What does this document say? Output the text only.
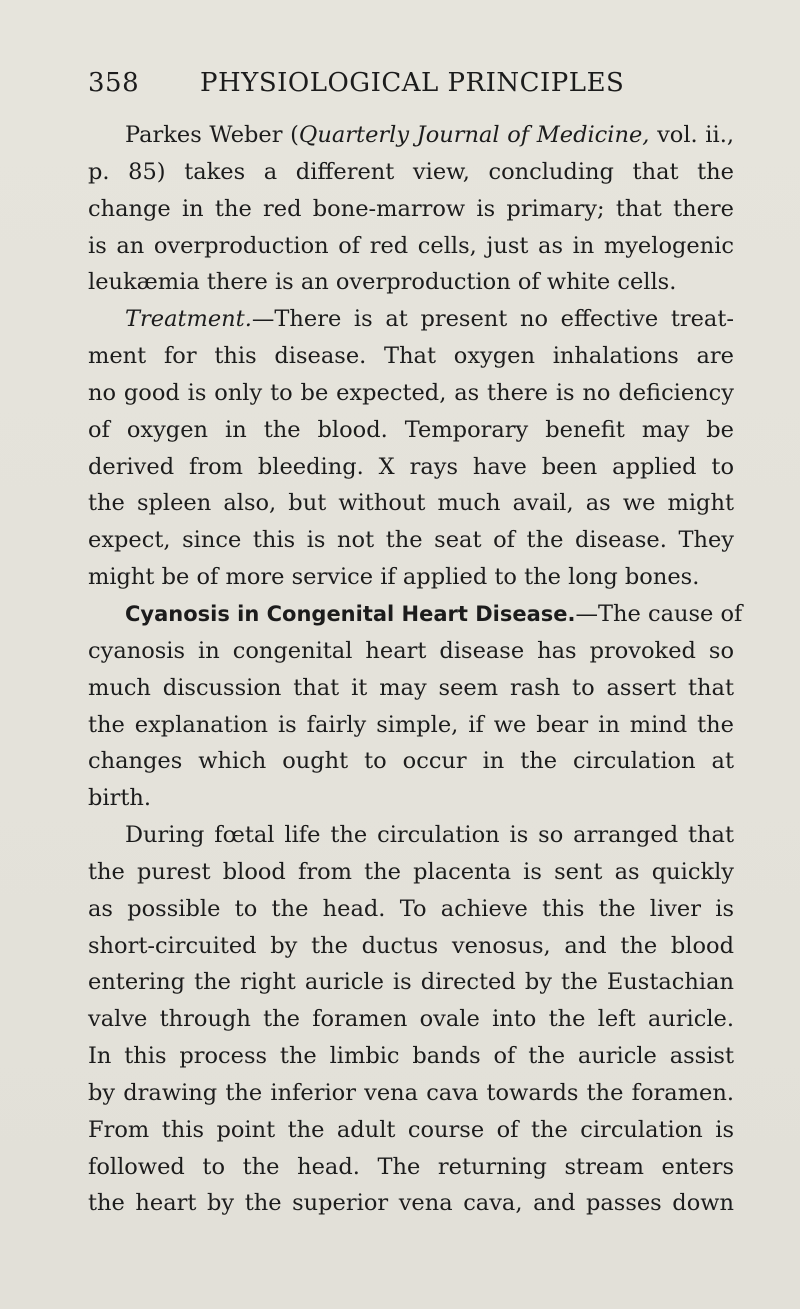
358 PHYSIOLOGICAL PRINCIPLES
Parkes Weber (Quarterly Journal of Medicine, vol. ii.,
p. 85) takes a different view, concluding that the
change in the red bone-marrow is primary; that there
is an overproduction of red cells, just as in myelogenic
leukæmia there is an overproduction of white cells.
Treatment.—There is at present no effective treat-
ment for this disease. That oxygen inhalations are
no good is only to be expected, as there is no deficiency
of oxygen in the blood. Temporary benefit may be
derived from bleeding. X rays have been applied to
the spleen also, but without much avail, as we might
expect, since this is not the seat of the disease. They
might be of more service if applied to the long bones.
Cyanosis in Congenital Heart Disease.—The cause of
cyanosis in congenital heart disease has provoked so
much discussion that it may seem rash to assert that
the explanation is fairly simple, if we bear in mind the
changes which ought to occur in the circulation at
birth.
During fœtal life the circulation is so arranged that
the purest blood from the placenta is sent as quickly
as possible to the head. To achieve this the liver is
short-circuited by the ductus venosus, and the blood
entering the right auricle is directed by the Eustachian
valve through the foramen ovale into the left auricle.
In this process the limbic bands of the auricle assist
by drawing the inferior vena cava towards the foramen.
From this point the adult course of the circulation is
followed to the head. The returning stream enters
the heart by the superior vena cava, and passes down
